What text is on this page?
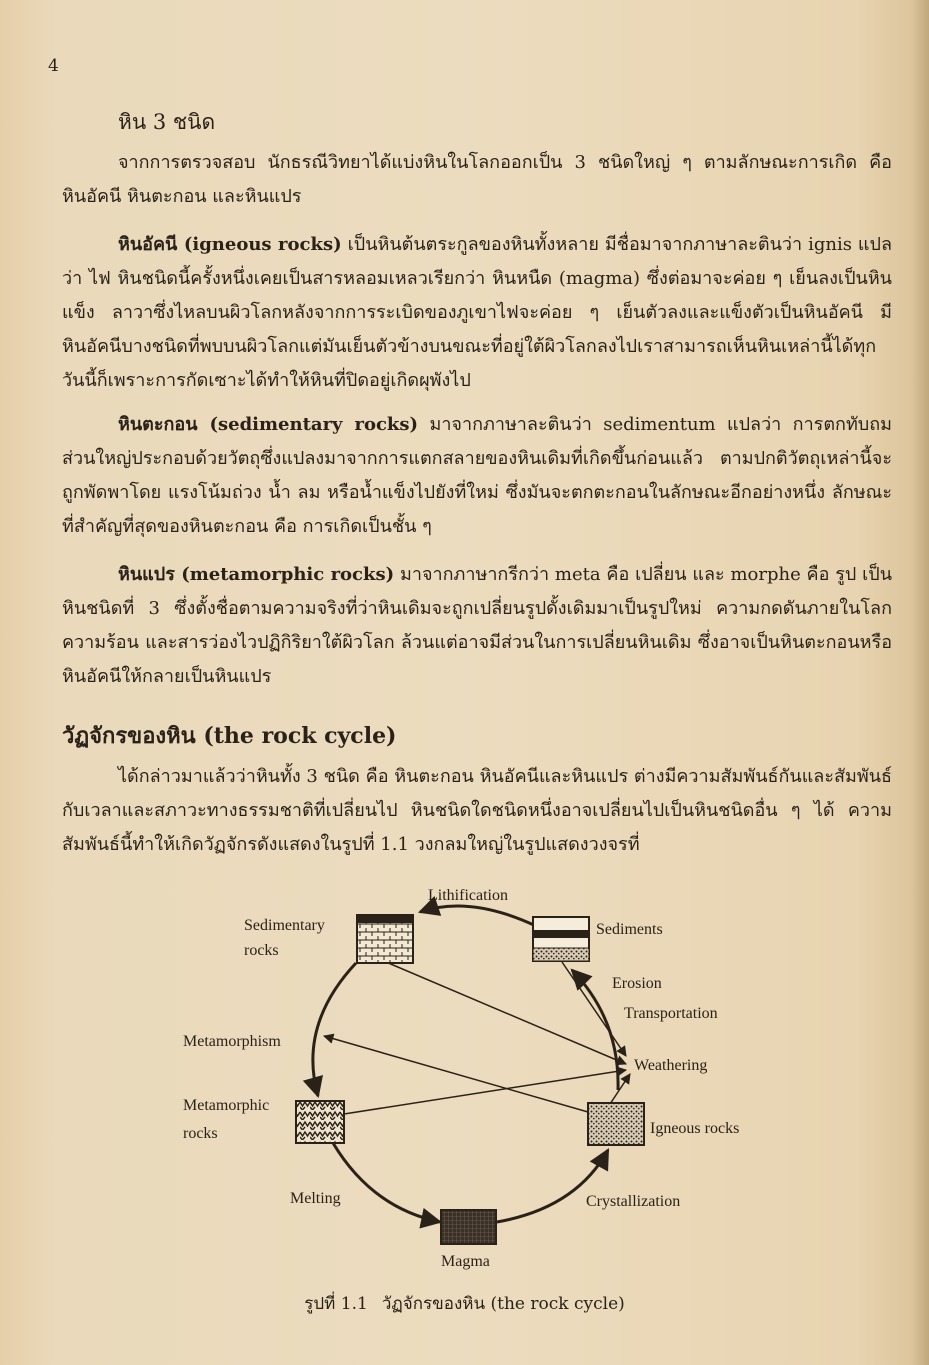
4
หิน 3 ชนิด
จากการตรวจสอบ นักธรณีวิทยาได้แบ่งหินในโลกออกเป็น 3 ชนิดใหญ่ ๆ ตามลักษณะการเกิด คือ หินอัคนี หินตะกอน และหินแปร
หินอัคนี (igneous rocks) เป็นหินต้นตระกูลของหินทั้งหลาย มีชื่อมาจากภาษาละตินว่า ignis แปลว่า ไฟ หินชนิดนี้ครั้งหนึ่งเคยเป็นสารหลอมเหลวเรียกว่า หินหนืด (magma) ซึ่งต่อมาจะค่อย ๆ เย็นลงเป็นหินแข็ง ลาวาซึ่งไหลบนผิวโลกหลังจากการระเบิดของภูเขาไฟจะค่อย ๆ เย็นตัวลงและแข็งตัวเป็นหินอัคนี มีหินอัคนีบางชนิดที่พบบนผิวโลกแต่มันเย็นตัวข้างบนขณะที่อยู่ใต้ผิวโลกลงไปเราสามารถเห็นหินเหล่านี้ได้ทุกวันนี้ก็เพราะการกัดเซาะได้ทำให้หินที่ปิดอยู่เกิดผุพังไป
หินตะกอน (sedimentary rocks) มาจากภาษาละตินว่า sedimentum แปลว่า การตกทับถม ส่วนใหญ่ประกอบด้วยวัตถุซึ่งแปลงมาจากการแตกสลายของหินเดิมที่เกิดขึ้นก่อนแล้ว ตามปกติวัตถุเหล่านี้จะถูกพัดพาโดย แรงโน้มถ่วง น้ำ ลม หรือน้ำแข็งไปยังที่ใหม่ ซึ่งมันจะตกตะกอนในลักษณะอีกอย่างหนึ่ง ลักษณะที่สำคัญที่สุดของหินตะกอน คือ การเกิดเป็นชั้น ๆ
หินแปร (metamorphic rocks) มาจากภาษากรีกว่า meta คือ เปลี่ยน และ morphe คือ รูป เป็นหินชนิดที่ 3 ซึ่งตั้งชื่อตามความจริงที่ว่าหินเดิมจะถูกเปลี่ยนรูปดั้งเดิมมาเป็นรูปใหม่ ความกดดันภายในโลก ความร้อน และสารว่องไวปฏิกิริยาใต้ผิวโลก ล้วนแต่อาจมีส่วนในการเปลี่ยนหินเดิม ซึ่งอาจเป็นหินตะกอนหรือหินอัคนีให้กลายเป็นหินแปร
วัฏจักรของหิน (the rock cycle)
ได้กล่าวมาแล้วว่าหินทั้ง 3 ชนิด คือ หินตะกอน หินอัคนีและหินแปร ต่างมีความสัมพันธ์กันและสัมพันธ์กับเวลาและสภาวะทางธรรมชาติที่เปลี่ยนไป หินชนิดใดชนิดหนึ่งอาจเปลี่ยนไปเป็นหินชนิดอื่น ๆ ได้ ความสัมพันธ์นี้ทำให้เกิดวัฏจักรดังแสดงในรูปที่ 1.1 วงกลมใหญ่ในรูปแสดงวงจรที่
Lithification
Sedimentary
rocks
Sediments
Erosion
Transportation
Metamorphism
Weathering
Metamorphic
rocks	Igneous rocks
Melting	Crystallization
Magma
รูปที่ 1.1 วัฏจักรของหิน (the rock cycle)
